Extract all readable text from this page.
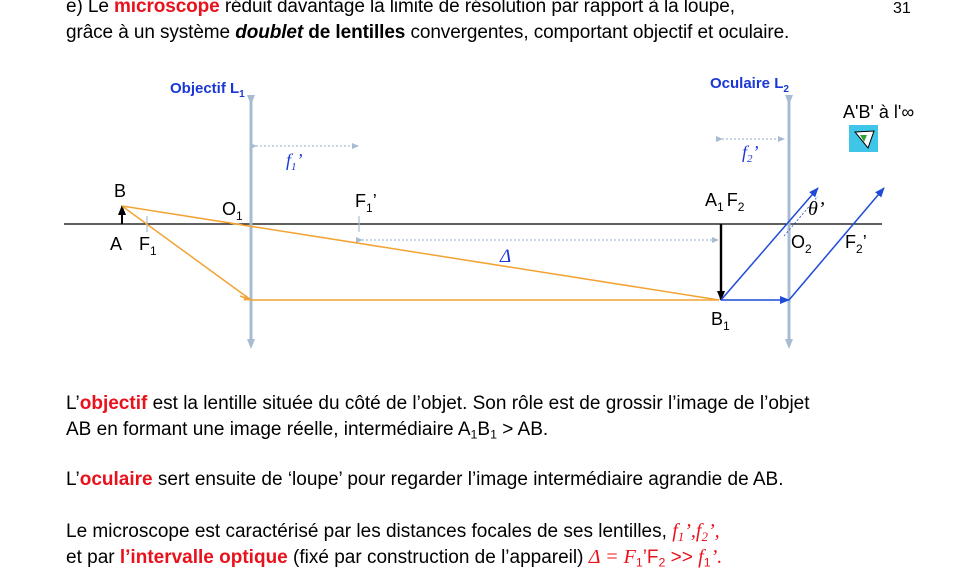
e) Le microscope réduit davantage la limite de résolution par rapport à la loupe,	31
grâce à un système doublet de lentilles convergentes, comportant objectif et oculaire.
Objectif $L_1$
Oculaire $L_2$
A'B' à l'∞
$f_1$’	$f_2$’
B
A $F_1$
$O_1$
$F_1$’	$A_1$ $F_2$	θ’
$O_2$ $F_2$’
$B_1$
Δ
L’objectif est la lentille située du côté de l’objet. Son rôle est de grossir l’image de l’objet
AB en formant une image réelle, intermédiaire $A_1B_1$ > AB.
L’oculaire sert ensuite de ‘loupe’ pour regarder l’image intermédiaire agrandie de AB.
Le microscope est caractérisé par les distances focales de ses lentilles, $f_1’,f_2$’,
et par l’intervalle optique (fixé par construction de l’appareil) $\Delta = F_1’F_2 >> f_1$’.
